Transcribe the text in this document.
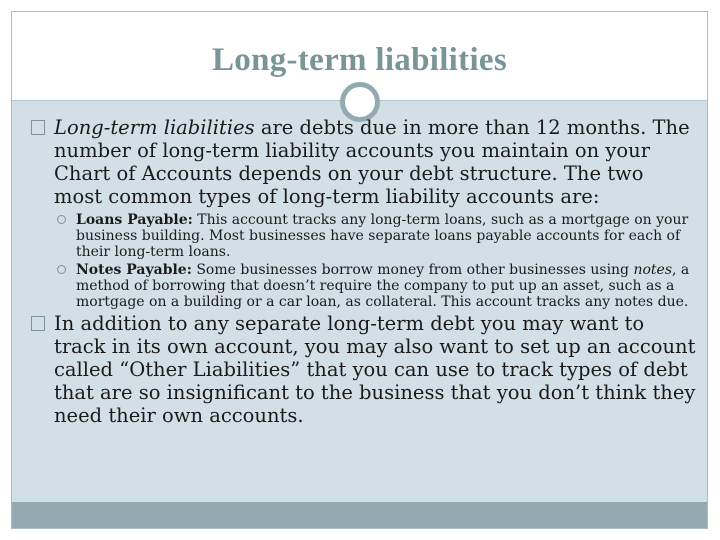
Long-term liabilities

Long-term liabilities are debts due in more than 12 months. The number of long-term liability accounts you maintain on your Chart of Accounts depends on your debt structure. The two most common types of long-term liability accounts are:

Loans Payable: This account tracks any long-term loans, such as a mortgage on your business building. Most businesses have separate loans payable accounts for each of their long-term loans.
Notes Payable: Some businesses borrow money from other businesses using notes, a method of borrowing that doesn’t require the company to put up an asset, such as a mortgage on a building or a car loan, as collateral. This account tracks any notes due.

In addition to any separate long-term debt you may want to track in its own account, you may also want to set up an account called “Other Liabilities” that you can use to track types of debt that are so insignificant to the business that you don’t think they need their own accounts.
